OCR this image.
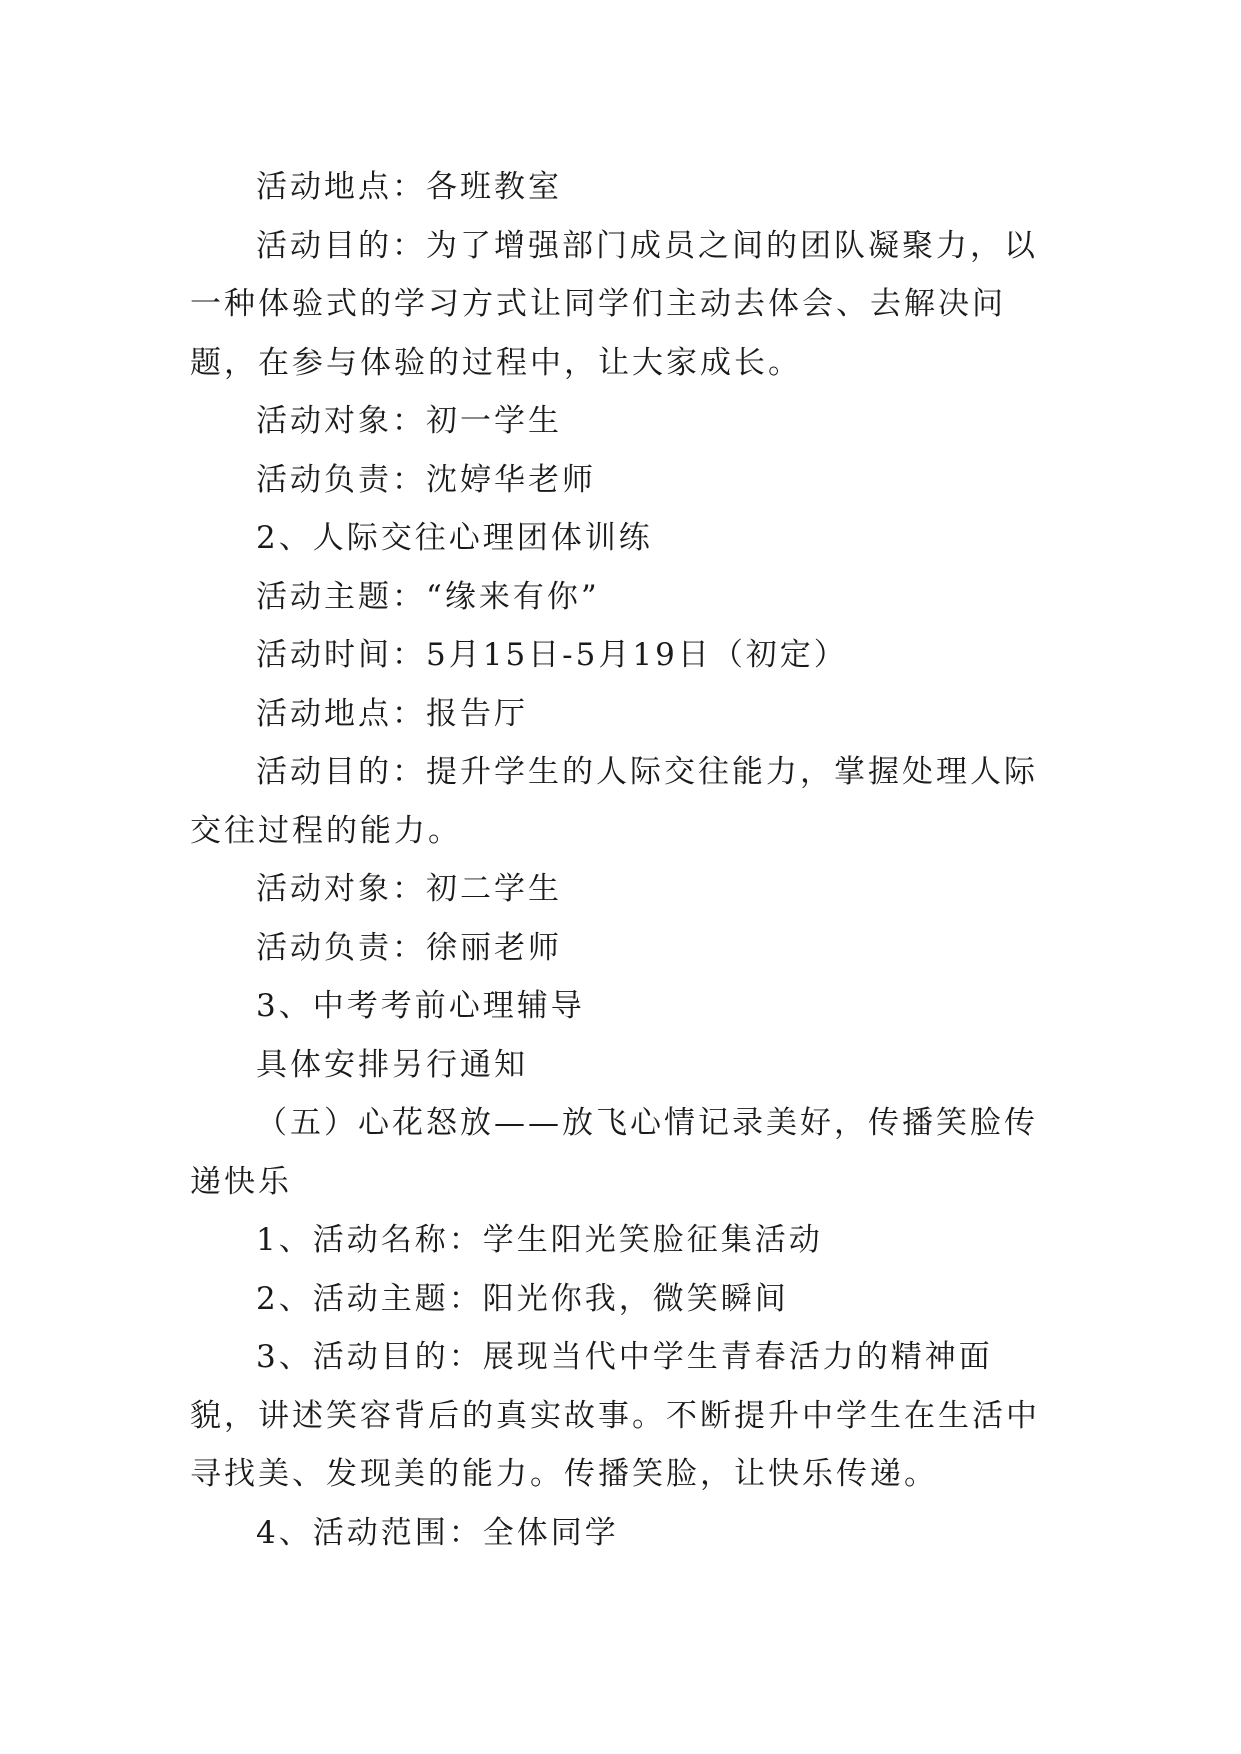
活动地点：各班教室

活动目的：为了增强部门成员之间的团队凝聚力，以一种体验式的学习方式让同学们主动去体会、去解决问题，在参与体验的过程中，让大家成长。

活动对象：初一学生

活动负责：沈婷华老师

2、人际交往心理团体训练

活动主题：“缘来有你”

活动时间：5月15日-5月19日（初定）

活动地点：报告厅

活动目的：提升学生的人际交往能力，掌握处理人际交往过程的能力。

活动对象：初二学生

活动负责：徐丽老师

3、中考考前心理辅导

具体安排另行通知

（五）心花怒放——放飞心情记录美好，传播笑脸传递快乐

1、活动名称：学生阳光笑脸征集活动

2、活动主题：阳光你我，微笑瞬间

3、活动目的：展现当代中学生青春活力的精神面貌，讲述笑容背后的真实故事。不断提升中学生在生活中寻找美、发现美的能力。传播笑脸，让快乐传递。

4、活动范围：全体同学
